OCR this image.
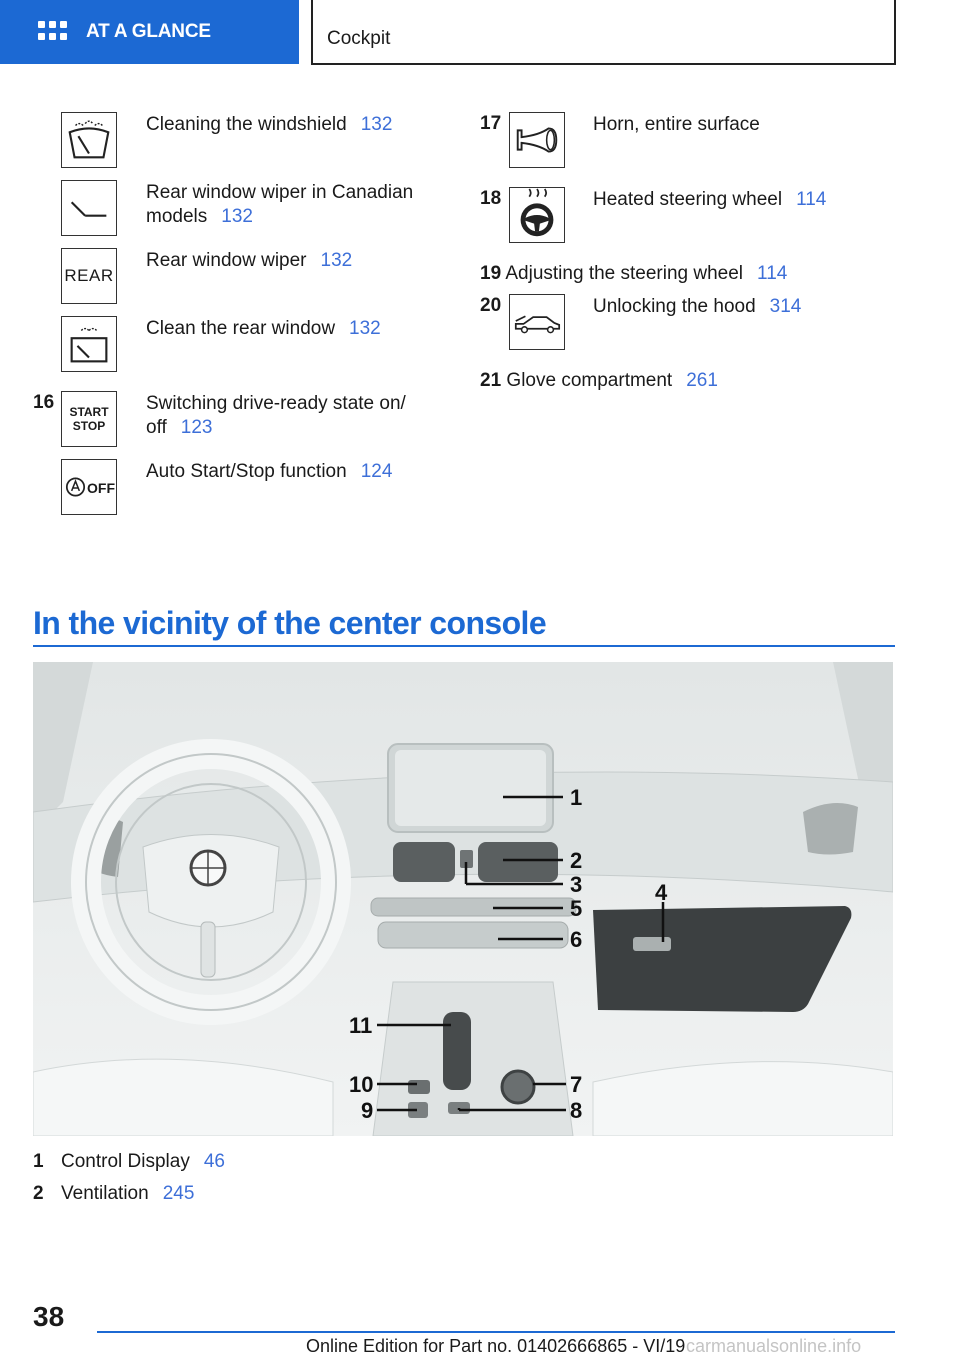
AT A GLANCE	Cockpit
Cleaning the windshield 132
Rear window wiper in Canadian
models 132
REAR
Rear window wiper 132
Clean the rear window 132
16	START
STOP
Switching drive-ready state on/
off 123
OFF
Auto Start/Stop function 124
17	Horn, entire surface
18	Heated steering wheel 114
19 Adjusting the steering wheel 114
20	Unlocking the hood 314
21 Glove compartment 261
In the vicinity of the center console
1
2
3	4
5
6
7
8
9
10
11
1 Control Display 46
2 Ventilation 245
38
Online Edition for Part no. 01402666865 - VI/19 carmanualsonline.info
